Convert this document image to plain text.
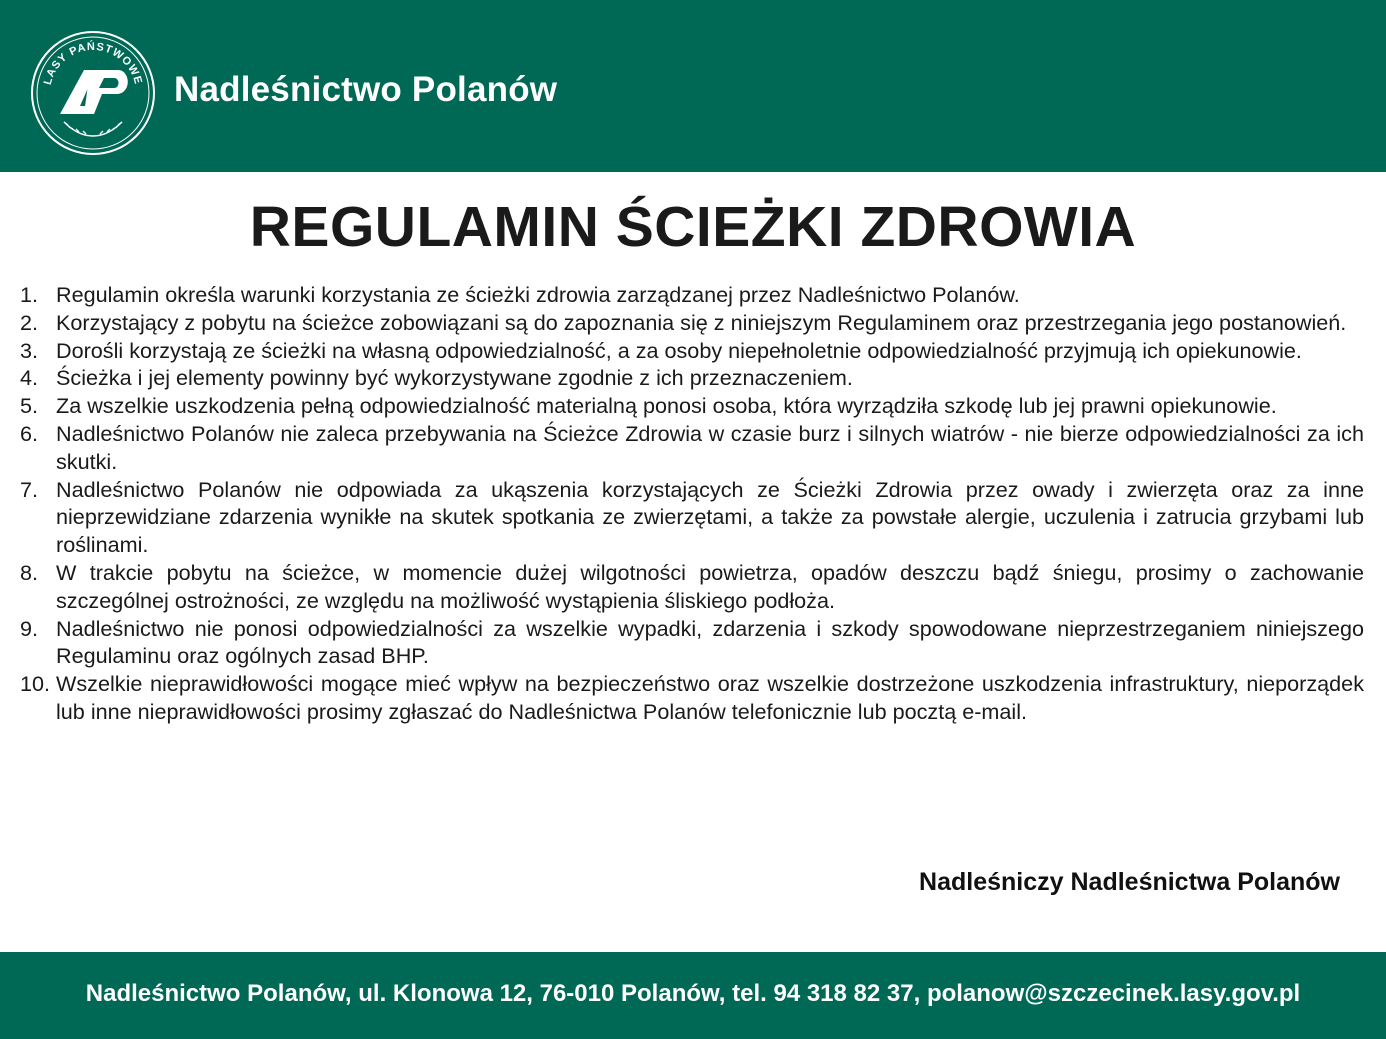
LASY PAŃSTWOWE Nadleśnictwo Polanów
REGULAMIN ŚCIEŻKI ZDROWIA
1. Regulamin określa warunki korzystania ze ścieżki zdrowia zarządzanej przez Nadleśnictwo Polanów.
2. Korzystający z pobytu na ścieżce zobowiązani są do zapoznania się z niniejszym Regulaminem oraz przestrzegania jego postanowień.
3. Dorośli korzystają ze ścieżki na własną odpowiedzialność, a za osoby niepełnoletnie odpowiedzialność przyjmują ich opiekunowie.
4. Ścieżka i jej elementy powinny być wykorzystywane zgodnie z ich przeznaczeniem.
5. Za wszelkie uszkodzenia pełną odpowiedzialność materialną ponosi osoba, która wyrządziła szkodę lub jej prawni opiekunowie.
6. Nadleśnictwo Polanów nie zaleca przebywania na Ścieżce Zdrowia w czasie burz i silnych wiatrów - nie bierze odpowiedzialności za ich skutki.
7. Nadleśnictwo Polanów nie odpowiada za ukąszenia korzystających ze Ścieżki Zdrowia przez owady i zwierzęta oraz za inne nieprzewidziane zdarzenia wynikłe na skutek spotkania ze zwierzętami, a także za powstałe alergie, uczulenia i zatrucia grzybami lub roślinami.
8. W trakcie pobytu na ścieżce, w momencie dużej wilgotności powietrza, opadów deszczu bądź śniegu, prosimy o zachowanie szczególnej ostrożności, ze względu na możliwość wystąpienia śliskiego podłoża.
9. Nadleśnictwo nie ponosi odpowiedzialności za wszelkie wypadki, zdarzenia i szkody spowodowane nieprzestrzeganiem niniejszego Regulaminu oraz ogólnych zasad BHP.
10. Wszelkie nieprawidłowości mogące mieć wpływ na bezpieczeństwo oraz wszelkie dostrzeżone uszkodzenia infrastruktury, nieporządek lub inne nieprawidłowości prosimy zgłaszać do Nadleśnictwa Polanów telefonicznie lub pocztą e-mail.
Nadleśniczy Nadleśnictwa Polanów
Nadleśnictwo Polanów, ul. Klonowa 12, 76-010 Polanów, tel. 94 318 82 37, polanow@szczecinek.lasy.gov.pl
